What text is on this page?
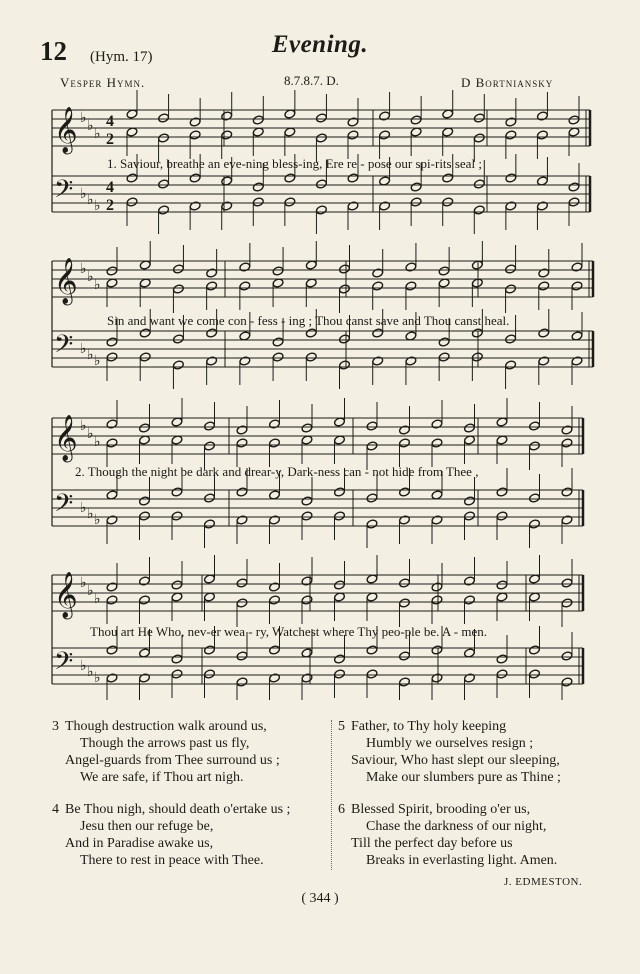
12 (Hym. 17)	Evening.
Vesper Hymn.	8.7.8.7. D.	D Bortniansky
𝄞 ♭ ♭ ♭
𝄢 ♭ ♭ ♭
4
2
4
2
𝄞 ♭ ♭ ♭
𝄢 ♭ ♭ ♭
𝄞 ♭ ♭ ♭
𝄢 ♭ ♭ ♭
𝄞 ♭ ♭ ♭
𝄢 ♭ ♭ ♭
1. Saviour, breathe an eve-ning bless-ing, Ere re - pose our spi-rits seal ;
Sin and want we come con - fess - ing ; Thou canst save and Thou canst heal.
2. Though the night be dark and drear-y, Dark-ness can - not hide from Thee ,
Thou art He Who, nev-er wea - ry, Watchest where Thy peo-ple be. A - men.
3 Though destruction walk around us,
Though the arrows past us fly,
Angel-guards from Thee surround us ;
We are safe, if Thou art nigh.
4 Be Thou nigh, should death o'ertake us ;
Jesu then our refuge be,
And in Paradise awake us,
There to rest in peace with Thee.
5 Father, to Thy holy keeping
Humbly we ourselves resign ;
Saviour, Who hast slept our sleeping,
Make our slumbers pure as Thine ;
6 Blessed Spirit, brooding o'er us,
Chase the darkness of our night,
Till the perfect day before us
Breaks in everlasting light. Amen.
J. EDMESTON.
( 344 )
